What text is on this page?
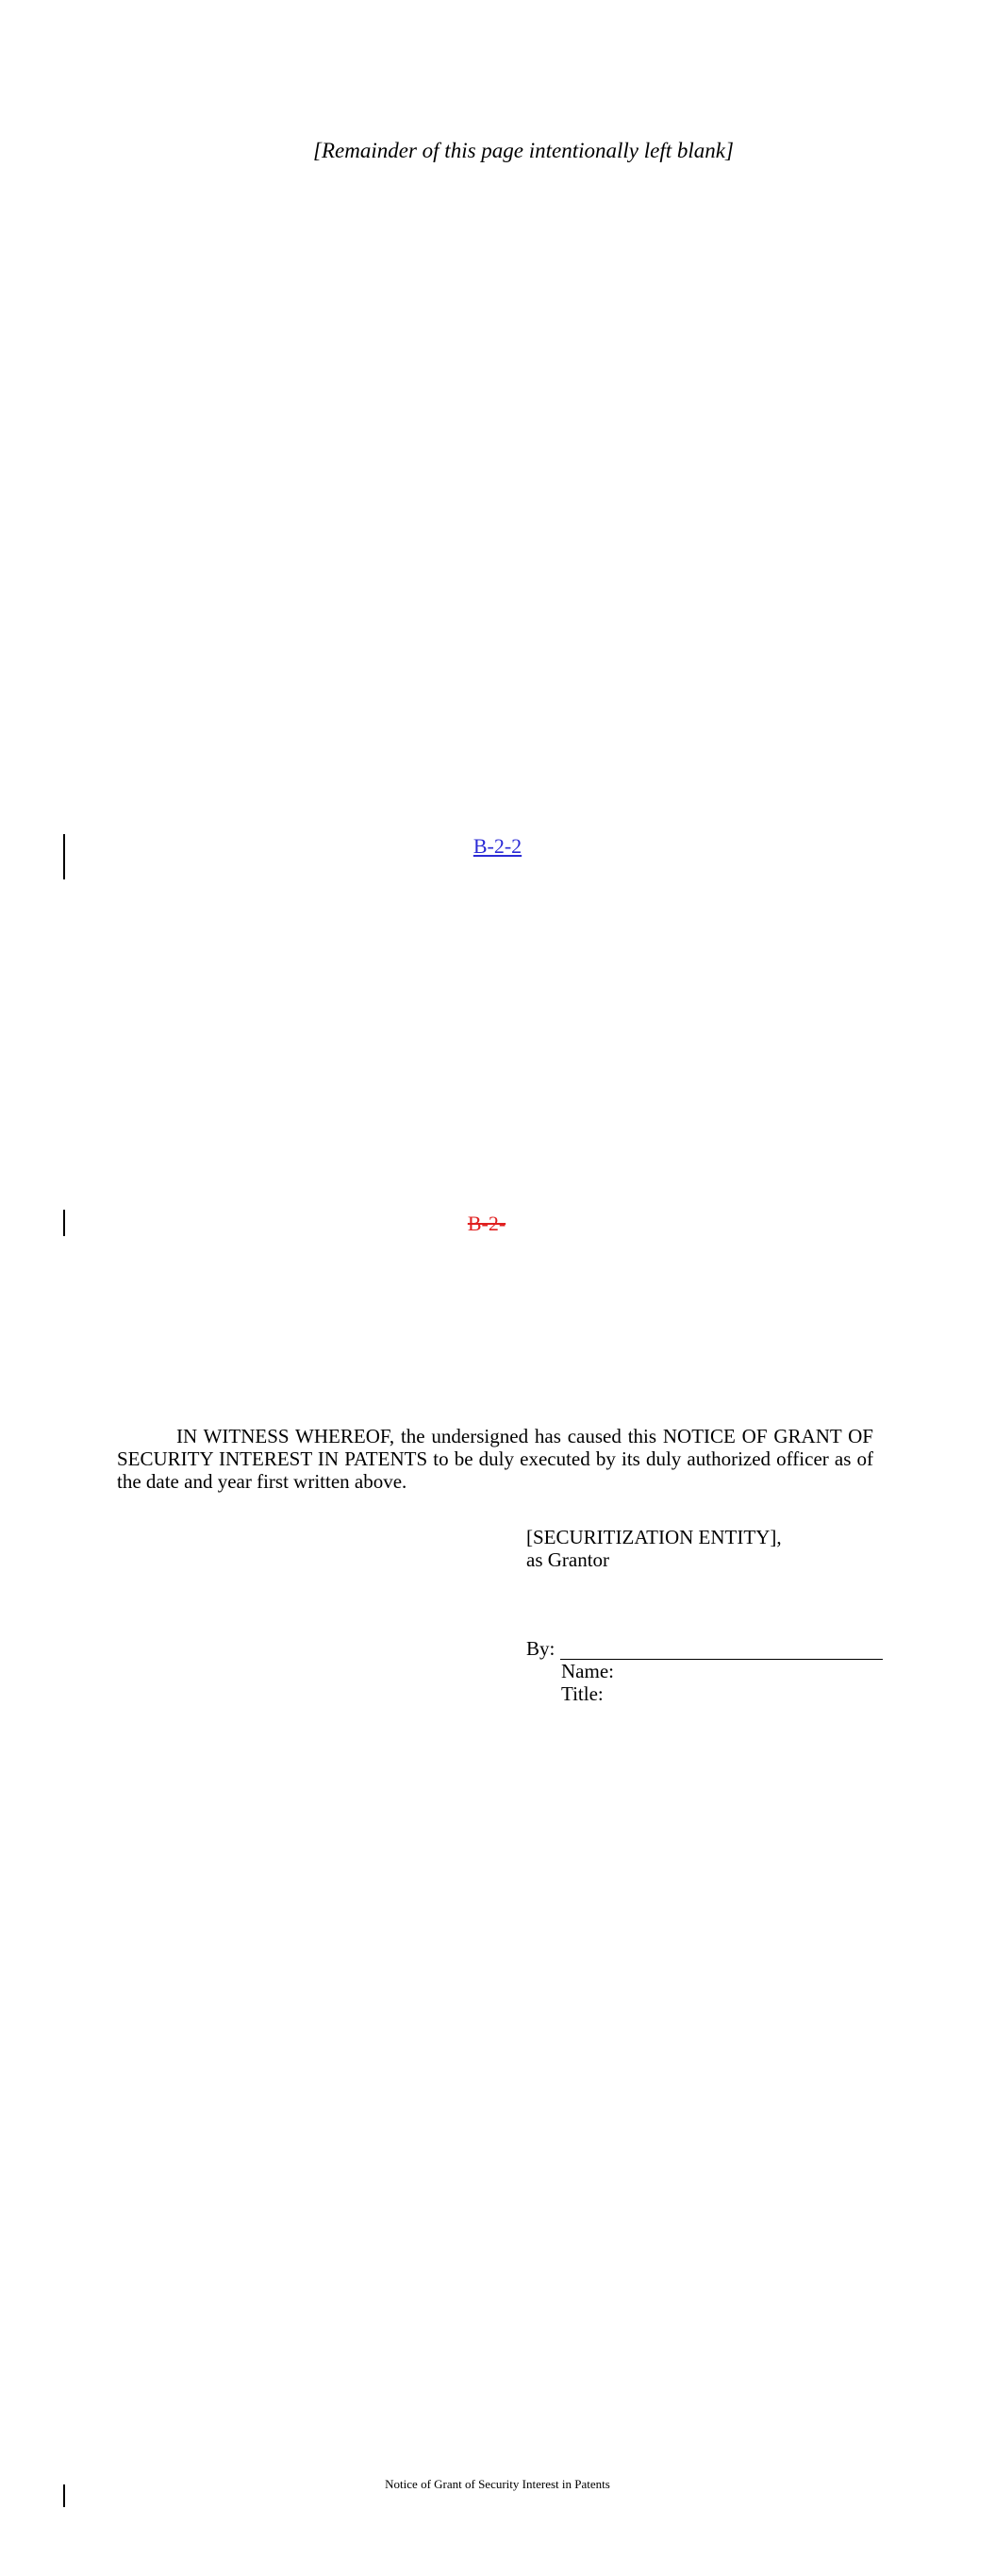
[Remainder of this page intentionally left blank]
B-2-2
B-2-
IN WITNESS WHEREOF, the undersigned has caused this NOTICE OF GRANT OF SECURITY INTEREST IN PATENTS to be duly executed by its duly authorized officer as of the date and year first written above.
[SECURITIZATION ENTITY],
as Grantor
By:
Name:
Title:
Notice of Grant of Security Interest in Patents
